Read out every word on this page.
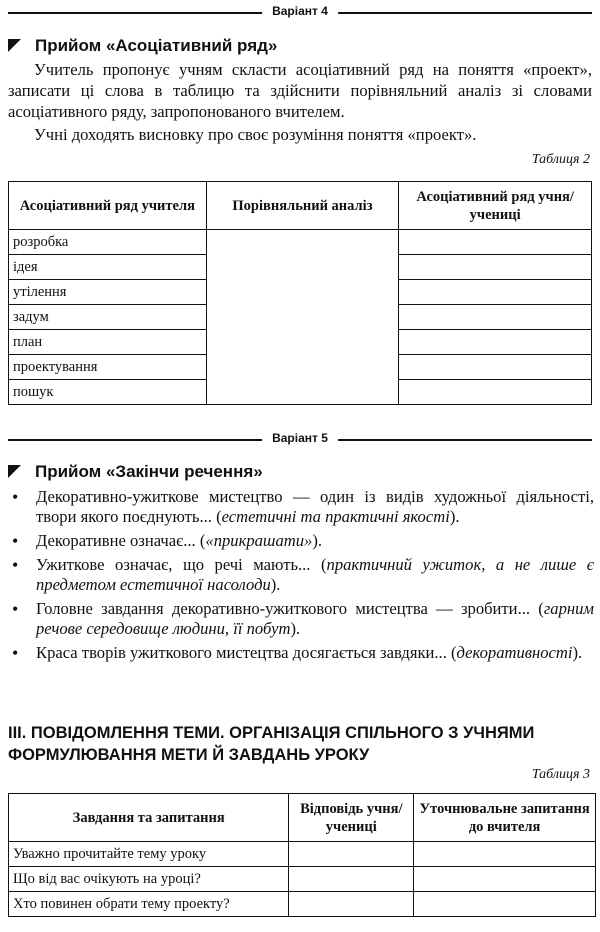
Варіант 4
Прийом «Асоціативний ряд»

Учитель пропонує учням скласти асоціативний ряд на поняття «проект», записати ці слова в таблицю та здійснити порівняльний аналіз зі словами асоціативного ряду, запропонованого вчителем.

Учні доходять висновку про своє розуміння поняття «проект».

Таблиця 2
Асоціативний ряд учителя	Порівняльний аналіз	Асоціативний ряд учня/учениці
розробка		
ідея		
утілення		
задум		
план		
проектування		
пошук		
Варіант 5
Прийом «Закінчи речення»
• Декоративно-ужиткове мистецтво — один із видів художньої діяльності, твори якого поєднують... (естетичні та практичні якості).
• Декоративне означає... («прикрашати»).
• Ужиткове означає, що речі мають... (практичний ужиток, а не лише є предметом естетичної насолоди).
• Головне завдання декоративно-ужиткового мистецтва — зробити... (гарним речове середовище людини, її побут).
• Краса творів ужиткового мистецтва досягається завдяки... (декоративності).
III. ПОВІДОМЛЕННЯ ТЕМИ. ОРГАНІЗАЦІЯ СПІЛЬНОГО З УЧНЯМИ ФОРМУЛЮВАННЯ МЕТИ Й ЗАВДАНЬ УРОКУ
Таблиця 3
Завдання та запитання	Відповідь учня/учениці	Уточнювальне запитання до вчителя
Уважно прочитайте тему уроку		
Що від вас очікують на уроці?		
Хто повинен обрати тему проекту?		
